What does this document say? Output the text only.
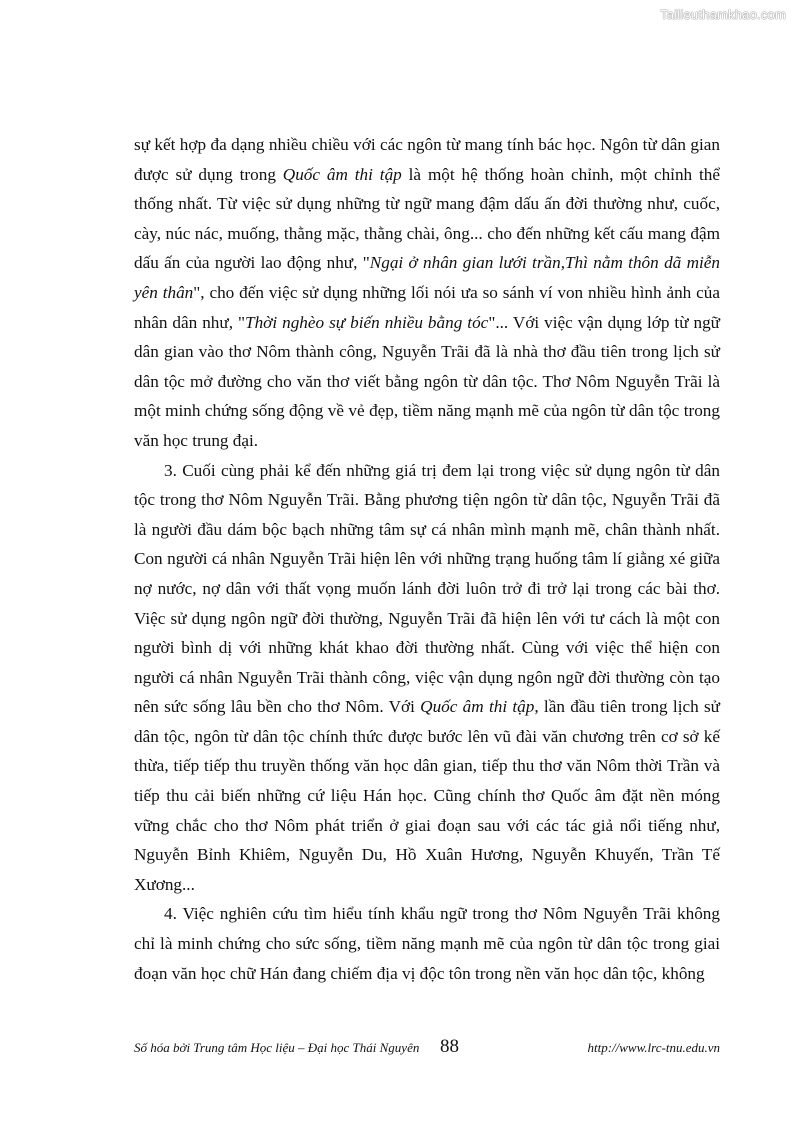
Tailieuthamkhao.com

sự kết hợp đa dạng nhiều chiều với các ngôn từ mang tính bác học. Ngôn từ dân gian được sử dụng trong Quốc âm thi tập là một hệ thống hoàn chỉnh, một chỉnh thể thống nhất. Từ việc sử dụng những từ ngữ mang đậm dấu ấn đời thường như, cuốc, cày, núc nác, muống, thằng mặc, thằng chài, ông... cho đến những kết cấu mang đậm dấu ấn của người lao động như, "Ngại ở nhân gian lưới trần,Thì nằm thôn dã miễn yên thân", cho đến việc sử dụng những lối nói ưa so sánh ví von nhiều hình ảnh của nhân dân như, "Thời nghèo sự biến nhiều bằng tóc"... Với việc vận dụng lớp từ ngữ dân gian vào thơ Nôm thành công, Nguyễn Trãi đã là nhà thơ đầu tiên trong lịch sử dân tộc mở đường cho văn thơ viết bằng ngôn từ dân tộc. Thơ Nôm Nguyễn Trãi là một minh chứng sống động về vẻ đẹp, tiềm năng mạnh mẽ của ngôn từ dân tộc trong văn học trung đại.

3. Cuối cùng phải kể đến những giá trị đem lại trong việc sử dụng ngôn từ dân tộc trong thơ Nôm Nguyễn Trãi. Bằng phương tiện ngôn từ dân tộc, Nguyễn Trãi đã là người đầu dám bộc bạch những tâm sự cá nhân mình mạnh mẽ, chân thành nhất. Con người cá nhân Nguyễn Trãi hiện lên với những trạng huống tâm lí giằng xé giữa nợ nước, nợ dân với thất vọng muốn lánh đời luôn trở đi trở lại trong các bài thơ. Việc sử dụng ngôn ngữ đời thường, Nguyễn Trãi đã hiện lên với tư cách là một con người bình dị với những khát khao đời thường nhất. Cùng với việc thể hiện con người cá nhân Nguyễn Trãi thành công, việc vận dụng ngôn ngữ đời thường còn tạo nên sức sống lâu bền cho thơ Nôm. Với Quốc âm thi tập, lần đầu tiên trong lịch sử dân tộc, ngôn từ dân tộc chính thức được bước lên vũ đài văn chương trên cơ sở kế thừa, tiếp tiếp thu truyền thống văn học dân gian, tiếp thu thơ văn Nôm thời Trần và tiếp thu cải biến những cứ liệu Hán học. Cũng chính thơ Quốc âm đặt nền móng vững chắc cho thơ Nôm phát triển ở giai đoạn sau với các tác giả nổi tiếng như, Nguyễn Bỉnh Khiêm, Nguyễn Du, Hồ Xuân Hương, Nguyễn Khuyến, Trần Tế Xương...

4. Việc nghiên cứu tìm hiểu tính khẩu ngữ trong thơ Nôm Nguyễn Trãi không chỉ là minh chứng cho sức sống, tiềm năng mạnh mẽ của ngôn từ dân tộc trong giai đoạn văn học chữ Hán đang chiếm địa vị độc tôn trong nền văn học dân tộc, không

Số hóa bởi Trung tâm Học liệu – Đại học Thái Nguyên 88	http://www.lrc-tnu.edu.vn
